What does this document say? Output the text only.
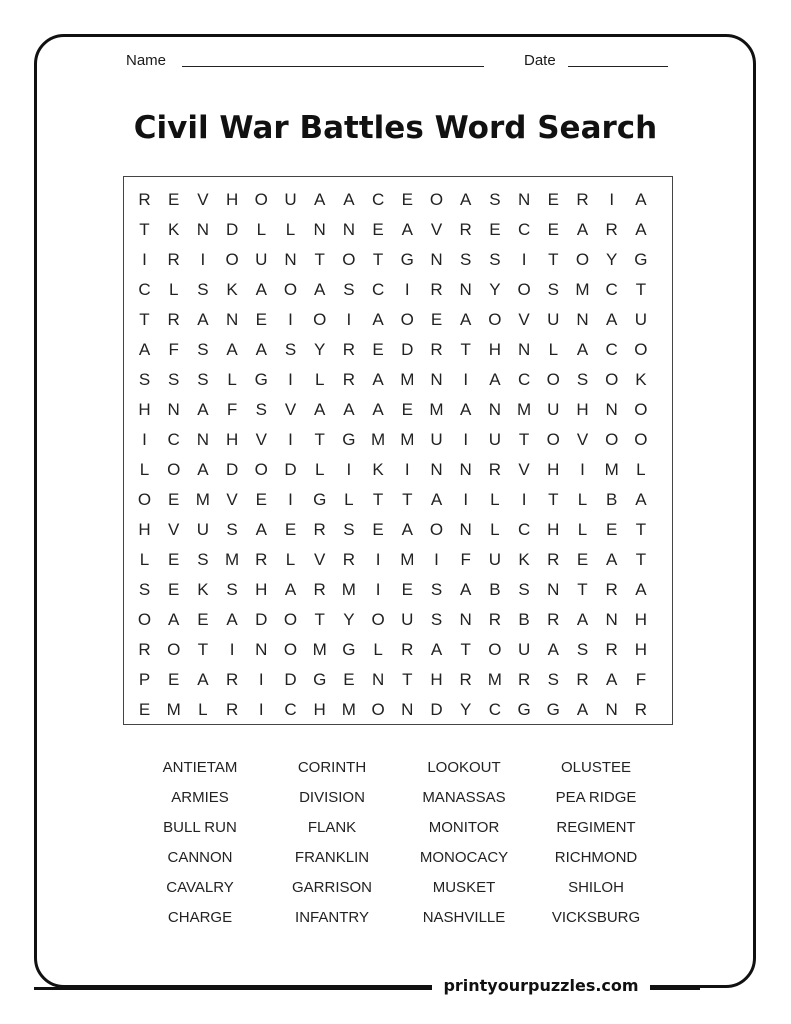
Name	Date
Civil War Battles Word Search
R	E	V	H O U	A	A	C	E O A	S	N	E	R	I	A
T	K	N D	L	L	N N	E	A	V	R	E	C	E	A	R	A
I	R	I	O U N	T	O	T	G N	S	S	I	T	O Y G
C	L	S	K	A O A	S	C	I	R N	Y O S M C	T
T	R	A	N	E	I	O	I	A O E	A O V	U N	A	U
A	F	S	A	A	S	Y	R	E	D R	T	H N	L	A	C O
S	S	S	L	G	I	L	R	A M N	I	A	C O S O K
H N	A	F	S	V	A	A	A	E M A	N M U H N O
I	C N H	V	I	T	G M M U	I	U	T	O V O O
L	O A	D O D	L	I	K	I	N N R	V	H	I	M	L
O E M V	E	I	G	L	T	T	A	I	L	I	T	L	B	A
H	V	U	S	A	E	R	S	E	A O N	L	C H	L	E	T
L	E	S M R	L	V	R	I	M	I	F	U	K	R	E	A	T
S	E	K	S	H	A	R M	I	E	S	A	B	S	N	T	R	A
O A	E	A	D O	T	Y O U	S	N R	B	R	A	N H
R O	T	I	N O M G	L	R	A	T	O U	A	S	R H
P	E	A	R	I	D G E	N	T	H R M R	S	R	A	F
E M	L	R	I	C H M O N D	Y	C G G A	N R
ANTIETAM	CORINTH	LOOKOUT	OLUSTEE
ARMIES	DIVISION	MANASSAS	PEA RIDGE
BULL RUN	FLANK	MONITOR	REGIMENT
CANNON	FRANKLIN	MONOCACY	RICHMOND
CAVALRY	GARRISON	MUSKET	SHILOH
CHARGE	INFANTRY	NASHVILLE	VICKSBURG
printyourpuzzles.com
